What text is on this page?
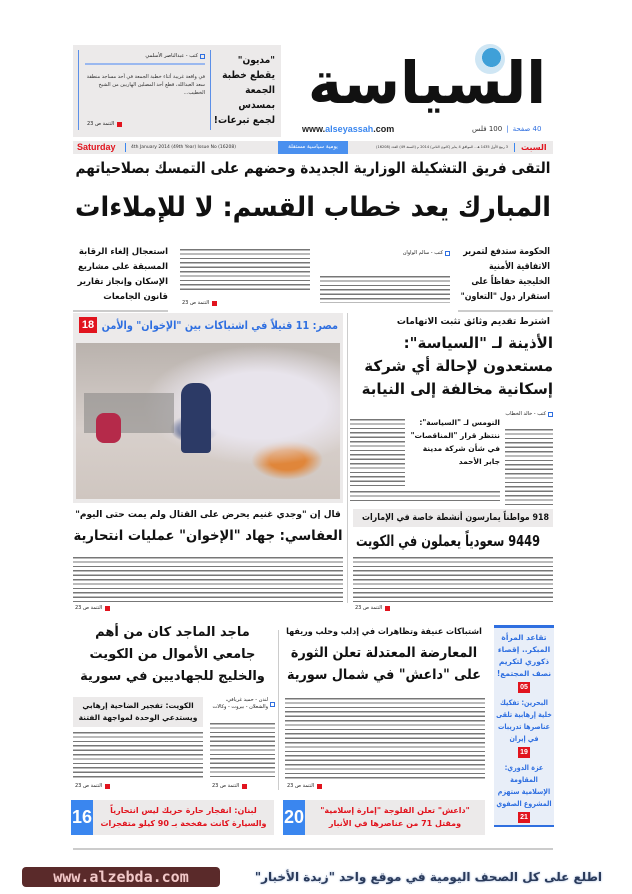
"مديون" يقطع خطبة الجمعة بمسدس لجمع تبرعات!
كتب - عبدالناصر الأسلمي
في واقعة غريبة أثناء خطبة الجمعة في أحد مساجد منطقة سعد العبدالله، قطع أحد المصلين الهاربين من الشيخ الخطيب...
التتمة ص 23
السياسة
www.alseyassah.com	40 صفحة
|
100 فلس
Saturday	4th January 2014 (49th Year) Issue No (16208)	يومية سياسية مستقلة	3 ربيع الأول 1435 هـ - الموافق 4 يناير (كانون الثاني) 2014 م (السنة 49) العدد (16208) السبت
التقى فريق التشكيلة الوزارية الجديدة وحضهم على التمسك بصلاحياتهم
المبارك يعد خطاب القسم: لا للإملاءات
الحكومة ستدفع لتمرير الاتفاقية الأمنية الخليجية حفاظاً على استقرار دول "التعاون"
كتب - سالم الواوان
التتمة ص 23
استعجال إلغاء الرقابة المسبقة على مشاريع الإسكان وإنجاز تقارير قانون الجامعات
مصر: 11 قتيلاً في اشتباكات بين "الإخوان" والأمن
18	اشترط تقديم وثائق تثبت الاتهامات
الأذينة لـ "السياسة": مستعدون لإحالة أي شركة إسكانية مخالفة إلى النيابة
كتب - خالد الخطاب
النومس لـ "السياسة": ننتظر قرار "المناقصات" في شأن شركة مدينة جابر الأحمد
قال إن "وجدي غنيم يحرض على القتال ولم يمت حتى اليوم"
العفاسي: جهاد "الإخوان" عمليات انتحارية
التتمة ص 23
918 مواطناً يمارسون أنشطة خاصة في الإمارات
9449 سعودياً يعملون في الكويت
التتمة ص 23
ماجد الماجد كان من أهم جامعي الأموال من الكويت والخليج للجهاديين في سورية
الكويت: تفجير الضاحية إرهابي ويستدعي الوحدة لمواجهة الفتنة
التتمة ص 23
لندن - حميد غريافي، والشعلان - بيروت - وكالات
التتمة ص 23
اشتباكات عنيفة وتظاهرات في إدلب وحلب وريفها
المعارضة المعتدلة تعلن الثورة على "داعش" في شمال سورية
التتمة ص 23
تقاعد المرأة المبكر.. إقصاء ذكوري لتكريم نصف المجتمع!
05
البحرين: تفكيك خلية إرهابية تلقى عناصرها تدريبات في إيران
19
عزة الدوري: المقاومة الإسلامية ستهزم المشروع الصفوي
21
20	"داعش" تعلن الفلوجة "إمارة إسلامية" ومقتل 71 من عناصرها في الأنبار
16	لبنان: انفجار حارة حريك ليس انتحارياً والسيارة كانت مفخخة بـ 90 كيلو متفجرات
www.alzebda.com	اطلع على كل الصحف اليومية في موقع واحد "زبدة الأخبار"
